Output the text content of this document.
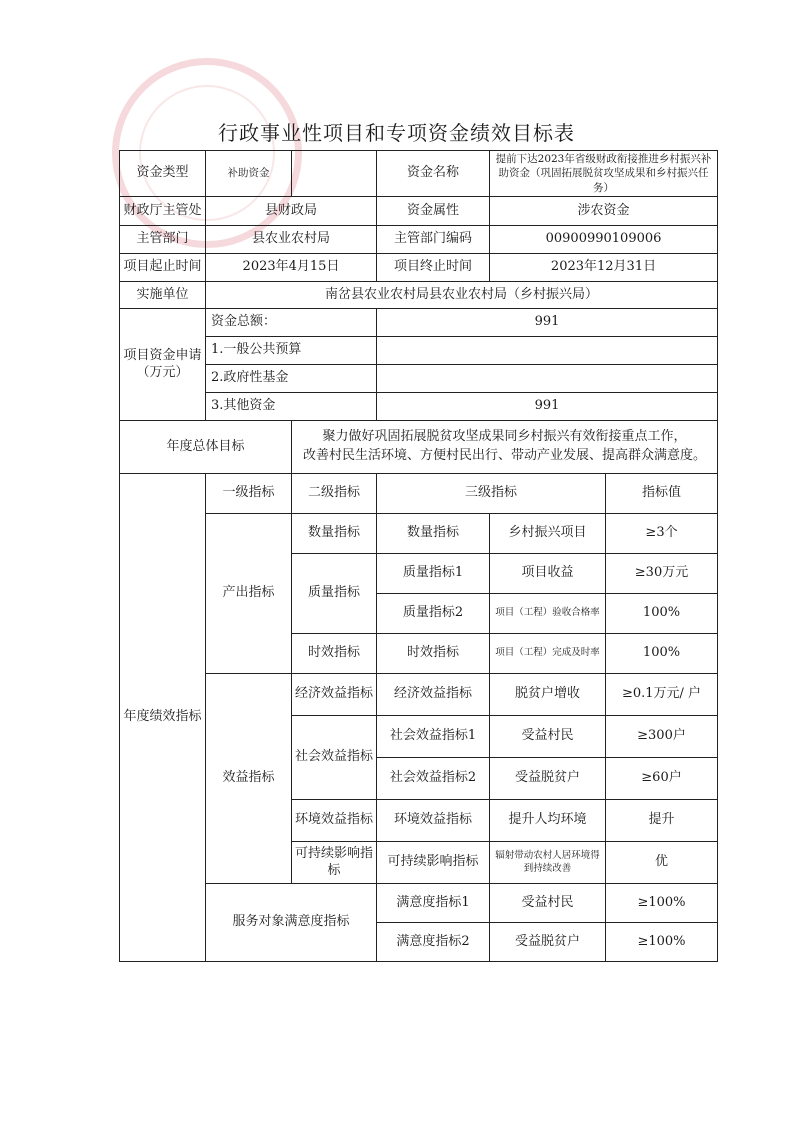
行政事业性项目和专项资金绩效目标表
资金类型	补助资金		资金名称	提前下达2023年省级财政衔接推进乡村振兴补助资金（巩固拓展脱贫攻坚成果和乡村振兴任务）	
财政厅主管处	县财政局		资金属性	涉农资金	
主管部门	县农业农村局		主管部门编码	00900990109006	
项目起止时间	2023年4月15日		项目终止时间	2023年12月31日	
实施单位	南岔县农业农村局县农业农村局（乡村振兴局）				
项目资金申请（万元）	资金总额：		991		
	1.一般公共预算				
	2.政府性基金				
	3.其他资金		991		
年度总体目标		聚力做好巩固拓展脱贫攻坚成果同乡村振兴有效衔接重点工作，
改善村民生活环境、方便村民出行、带动产业发展、提高群众满意度。			

年度绩效指标	一级指标	二级指标	三级指标		指标值
	产出指标	数量指标	数量指标	乡村振兴项目	≥3个
		质量指标	质量指标1	项目收益	≥30万元
			质量指标2	项目（工程）验收合格率	100%
		时效指标	时效指标	项目（工程）完成及时率	100%
	效益指标	经济效益指标	经济效益指标	脱贫户增收	≥0.1万元/ 户
		社会效益指标	社会效益指标1	受益村民	≥300户
			社会效益指标2	受益脱贫户	≥60户
		环境效益指标	环境效益指标	提升人均环境	提升
		可持续影响指标	可持续影响指标	辐射带动农村人居环境得到持续改善	优
	服务对象满意度指标		满意度指标1	受益村民	≥100%
			满意度指标2	受益脱贫户	≥100%
